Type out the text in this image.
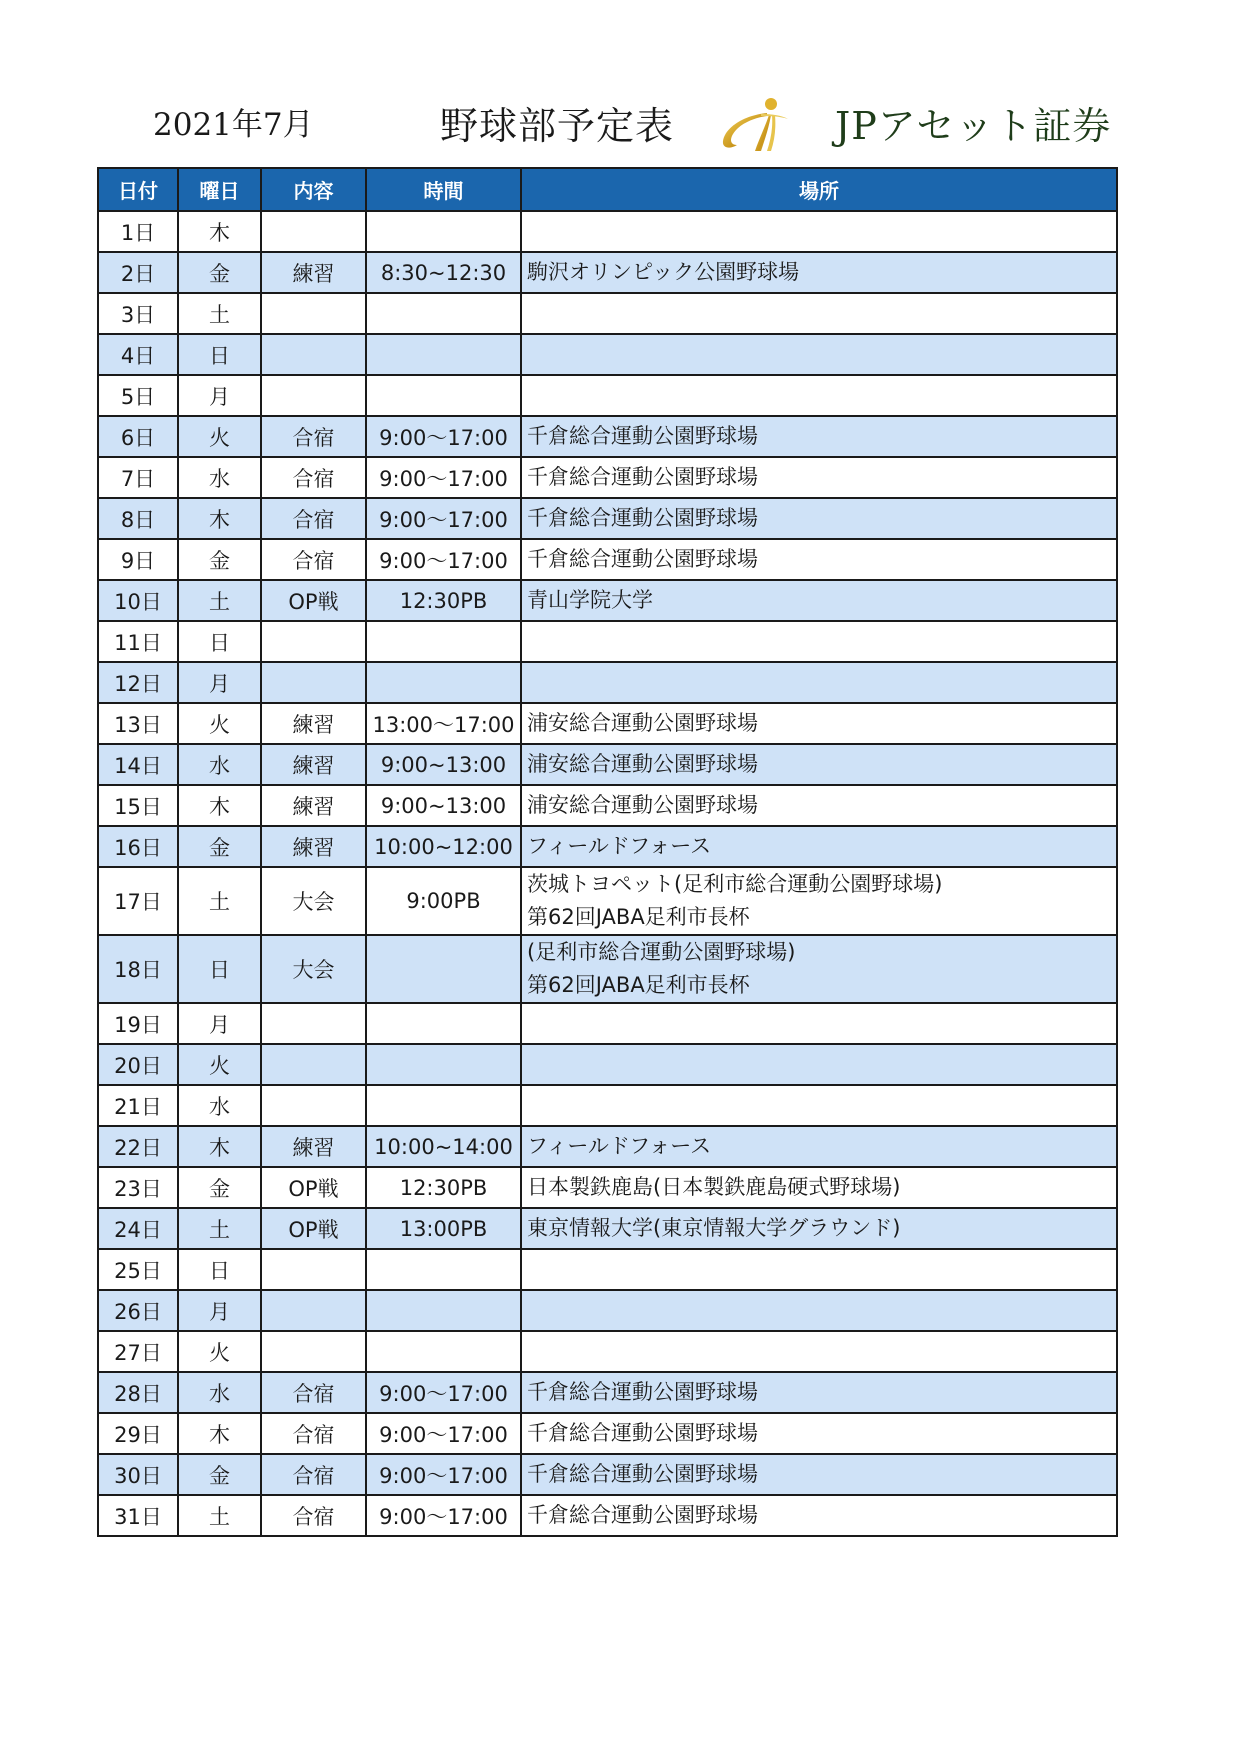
2021年7月	野球部予定表	JPアセット証券
日付	曜日	内容	時間	場所
1日	木			

2日	金	練習	8:30~12:30	駒沢オリンピック公園野球場

3日	土			

4日	日			

5日	月			

6日	火	合宿	9:00〜17:00	千倉総合運動公園野球場

7日	水	合宿	9:00〜17:00	千倉総合運動公園野球場

8日	木	合宿	9:00〜17:00	千倉総合運動公園野球場

9日	金	合宿	9:00〜17:00	千倉総合運動公園野球場

10日	土	OP戦	12:30PB	青山学院大学

11日	日			

12日	月			

13日	火	練習	13:00〜17:00	浦安総合運動公園野球場

14日	水	練習	9:00~13:00	浦安総合運動公園野球場

15日	木	練習	9:00~13:00	浦安総合運動公園野球場

16日	金	練習	10:00~12:00	フィールドフォース

17日	土	大会	9:00PB	茨城トヨペット(足利市総合運動公園野球場)
第62回JABA足利市長杯

18日	日	大会		(足利市総合運動公園野球場)
第62回JABA足利市長杯

19日	月			

20日	火			

21日	水			

22日	木	練習	10:00~14:00	フィールドフォース

23日	金	OP戦	12:30PB	日本製鉄鹿島(日本製鉄鹿島硬式野球場)

24日	土	OP戦	13:00PB	東京情報大学(東京情報大学グラウンド)

25日	日			

26日	月			

27日	火			

28日	水	合宿	9:00〜17:00	千倉総合運動公園野球場

29日	木	合宿	9:00〜17:00	千倉総合運動公園野球場

30日	金	合宿	9:00〜17:00	千倉総合運動公園野球場

31日	土	合宿	9:00〜17:00	千倉総合運動公園野球場
